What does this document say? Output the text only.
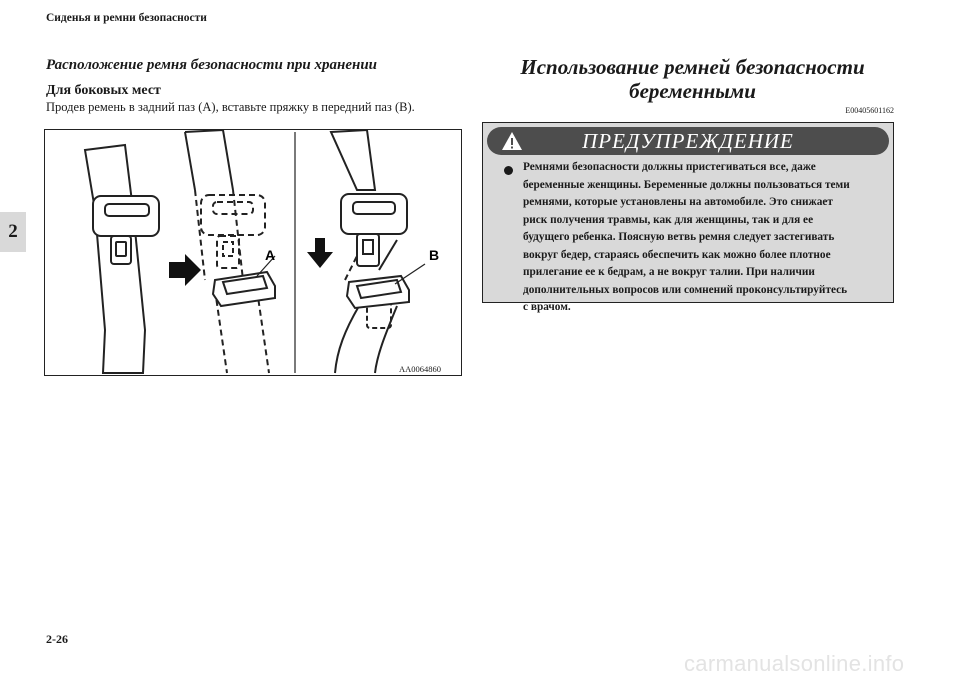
Сиденья и ремни безопасности
2
Расположение ремня безопасности при хранении
Для боковых мест
Продев ремень в задний паз (A), вставьте пряжку в передний паз (B).
A	B
AA0064860
Использование ремней безопасности
беременными
E00405601162
ПРЕДУПРЕЖДЕНИЕ
Ремнями безопасности должны пристегиваться все, даже
беременные женщины. Беременные должны пользоваться теми
ремнями, которые установлены на автомобиле. Это снижает
риск получения травмы, как для женщины, так и для ее
будущего ребенка. Поясную ветвь ремня следует застегивать
вокруг бедер, стараясь обеспечить как можно более плотное
прилегание ее к бедрам, а не вокруг талии. При наличии
дополнительных вопросов или сомнений проконсультируйтесь
с врачом.
2-26
carmanualsonline.info
